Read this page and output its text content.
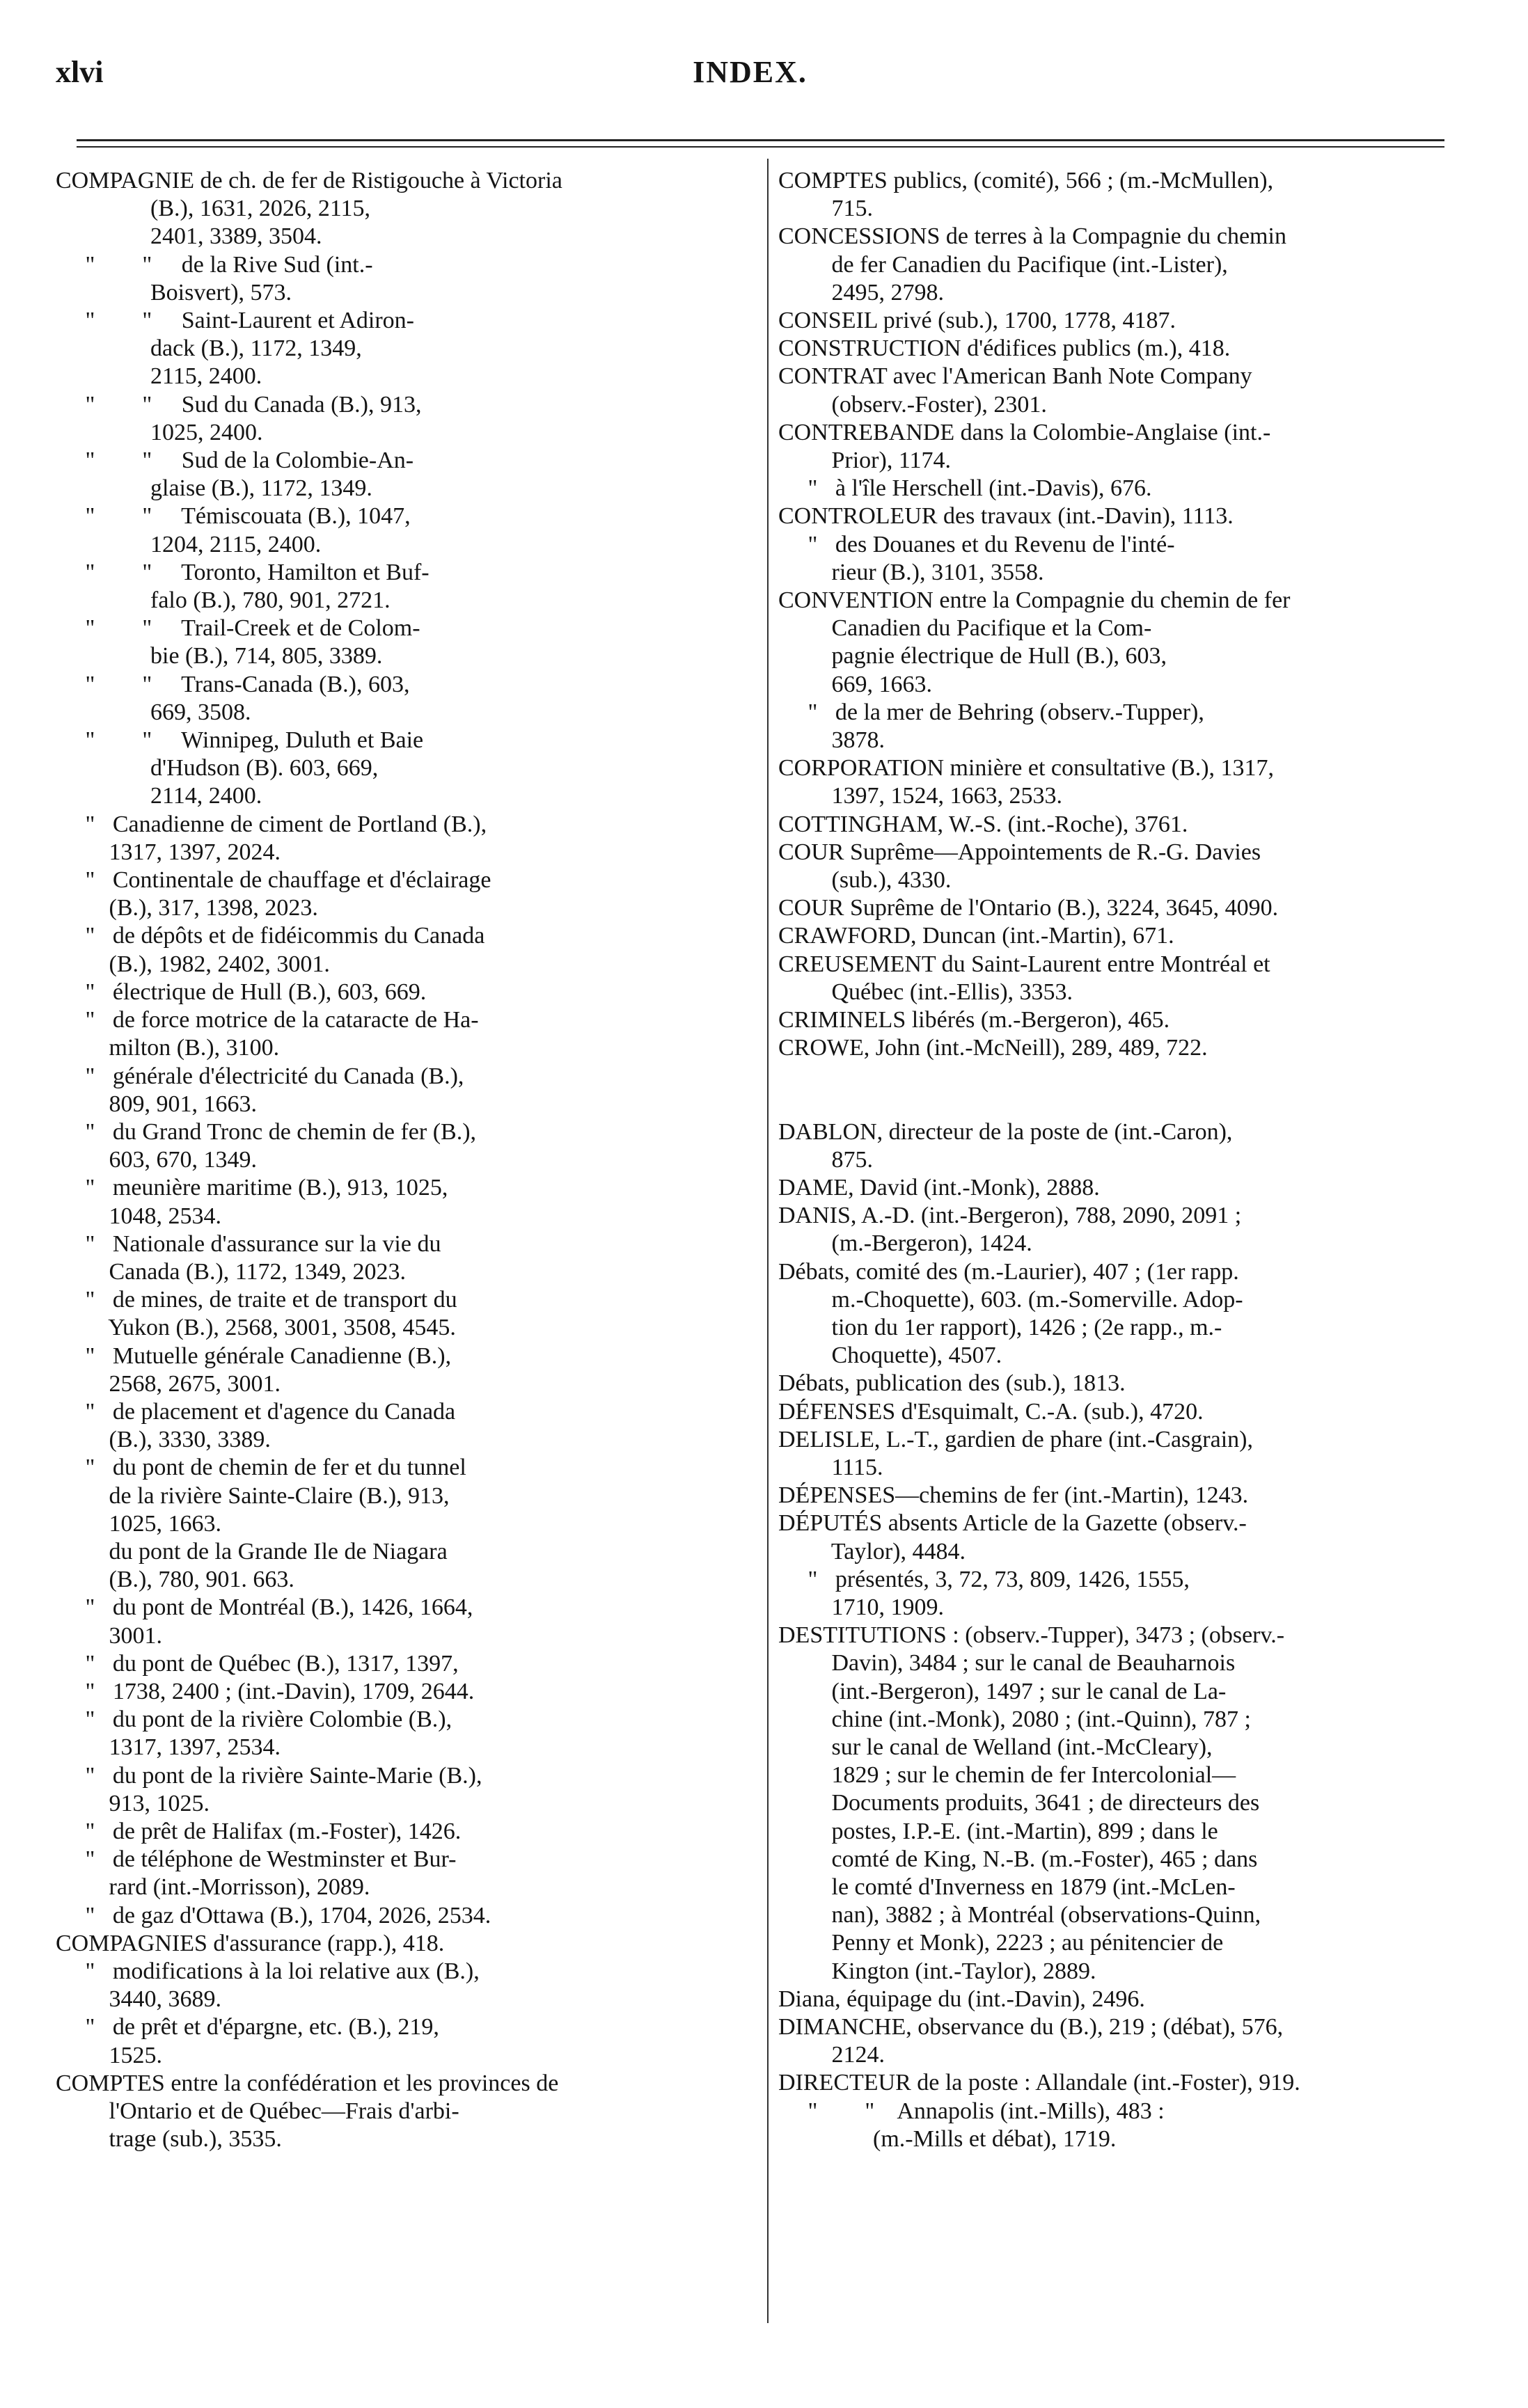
xlvi	INDEX.
COMPAGNIE de ch. de fer de Ristigouche à Victoria
(B.), 1631, 2026, 2115,
2401, 3389, 3504.
"        "     de la Rive Sud (int.-
Boisvert), 573.
"        "     Saint-Laurent et Adiron-
dack (B.), 1172, 1349,
2115, 2400.
"        "     Sud du Canada (B.), 913,
1025, 2400.
"        "     Sud de la Colombie-An-
glaise (B.), 1172, 1349.
"        "     Témiscouata (B.), 1047,
1204, 2115, 2400.
"        "     Toronto, Hamilton et Buf-
falo (B.), 780, 901, 2721.
"        "     Trail-Creek et de Colom-
bie (B.), 714, 805, 3389.
"        "     Trans-Canada (B.), 603,
669, 3508.
"        "     Winnipeg, Duluth et Baie
d'Hudson (B). 603, 669,
2114, 2400.
"   Canadienne de ciment de Portland (B.),
1317, 1397, 2024.
"   Continentale de chauffage et d'éclairage
(B.), 317, 1398, 2023.
"   de dépôts et de fidéicommis du Canada
(B.), 1982, 2402, 3001.
"   électrique de Hull (B.), 603, 669.
"   de force motrice de la cataracte de Ha-
milton (B.), 3100.
"   générale d'électricité du Canada (B.),
809, 901, 1663.
"   du Grand Tronc de chemin de fer (B.),
603, 670, 1349.
"   meunière maritime (B.), 913, 1025,
1048, 2534.
"   Nationale d'assurance sur la vie du
Canada (B.), 1172, 1349, 2023.
"   de mines, de traite et de transport du
Yukon (B.), 2568, 3001, 3508, 4545.
"   Mutuelle générale Canadienne (B.),
2568, 2675, 3001.
"   de placement et d'agence du Canada
(B.), 3330, 3389.
"   du pont de chemin de fer et du tunnel
de la rivière Sainte-Claire (B.), 913,
1025, 1663.
du pont de la Grande Ile de Niagara
(B.), 780, 901. 663.
"   du pont de Montréal (B.), 1426, 1664,
3001.
"   du pont de Québec (B.), 1317, 1397,
"   1738, 2400 ; (int.-Davin), 1709, 2644.
"   du pont de la rivière Colombie (B.),
1317, 1397, 2534.
"   du pont de la rivière Sainte-Marie (B.),
913, 1025.
"   de prêt de Halifax (m.-Foster), 1426.
"   de téléphone de Westminster et Bur-
rard (int.-Morrisson), 2089.
"   de gaz d'Ottawa (B.), 1704, 2026, 2534.
COMPAGNIES d'assurance (rapp.), 418.
"   modifications à la loi relative aux (B.),
3440, 3689.
"   de prêt et d'épargne, etc. (B.), 219,
1525.
COMPTES entre la confédération et les provinces de
l'Ontario et de Québec—Frais d'arbi-
trage (sub.), 3535.
COMPTES publics, (comité), 566 ; (m.-McMullen),
715.
CONCESSIONS de terres à la Compagnie du chemin
de fer Canadien du Pacifique (int.-Lister),
2495, 2798.
CONSEIL privé (sub.), 1700, 1778, 4187.
CONSTRUCTION d'édifices publics (m.), 418.
CONTRAT avec l'American Banh Note Company
(observ.-Foster), 2301.
CONTREBANDE dans la Colombie-Anglaise (int.-
Prior), 1174.
"   à l'île Herschell (int.-Davis), 676.
CONTROLEUR des travaux (int.-Davin), 1113.
"   des Douanes et du Revenu de l'inté-
rieur (B.), 3101, 3558.
CONVENTION entre la Compagnie du chemin de fer
Canadien du Pacifique et la Com-
pagnie électrique de Hull (B.), 603,
669, 1663.
"   de la mer de Behring (observ.-Tupper),
3878.
CORPORATION minière et consultative (B.), 1317,
1397, 1524, 1663, 2533.
COTTINGHAM, W.-S. (int.-Roche), 3761.
COUR Suprême—Appointements de R.-G. Davies
(sub.), 4330.
COUR Suprême de l'Ontario (B.), 3224, 3645, 4090.
CRAWFORD, Duncan (int.-Martin), 671.
CREUSEMENT du Saint-Laurent entre Montréal et
Québec (int.-Ellis), 3353.
CRIMINELS libérés (m.-Bergeron), 465.
CROWE, John (int.-McNeill), 289, 489, 722.
DABLON, directeur de la poste de (int.-Caron),
875.
DAME, David (int.-Monk), 2888.
DANIS, A.-D. (int.-Bergeron), 788, 2090, 2091 ;
(m.-Bergeron), 1424.
Débats, comité des (m.-Laurier), 407 ; (1er rapp.
m.-Choquette), 603. (m.-Somerville. Adop-
tion du 1er rapport), 1426 ; (2e rapp., m.-
Choquette), 4507.
Débats, publication des (sub.), 1813.
DÉFENSES d'Esquimalt, C.-A. (sub.), 4720.
DELISLE, L.-T., gardien de phare (int.-Casgrain),
1115.
DÉPENSES—chemins de fer (int.-Martin), 1243.
DÉPUTÉS absents Article de la Gazette (observ.-
Taylor), 4484.
"   présentés, 3, 72, 73, 809, 1426, 1555,
1710, 1909.
DESTITUTIONS : (observ.-Tupper), 3473 ; (observ.-
Davin), 3484 ; sur le canal de Beauharnois
(int.-Bergeron), 1497 ; sur le canal de La-
chine (int.-Monk), 2080 ; (int.-Quinn), 787 ;
sur le canal de Welland (int.-McCleary),
1829 ; sur le chemin de fer Intercolonial—
Documents produits, 3641 ; de directeurs des
postes, I.P.-E. (int.-Martin), 899 ; dans le
comté de King, N.-B. (m.-Foster), 465 ; dans
le comté d'Inverness en 1879 (int.-McLen-
nan), 3882 ; à Montréal (observations-Quinn,
Penny et Monk), 2223 ; au pénitencier de
Kington (int.-Taylor), 2889.
Diana, équipage du (int.-Davin), 2496.
DIMANCHE, observance du (B.), 219 ; (débat), 576,
2124.
DIRECTEUR de la poste : Allandale (int.-Foster), 919.
"        "    Annapolis (int.-Mills), 483 :
(m.-Mills et débat), 1719.
